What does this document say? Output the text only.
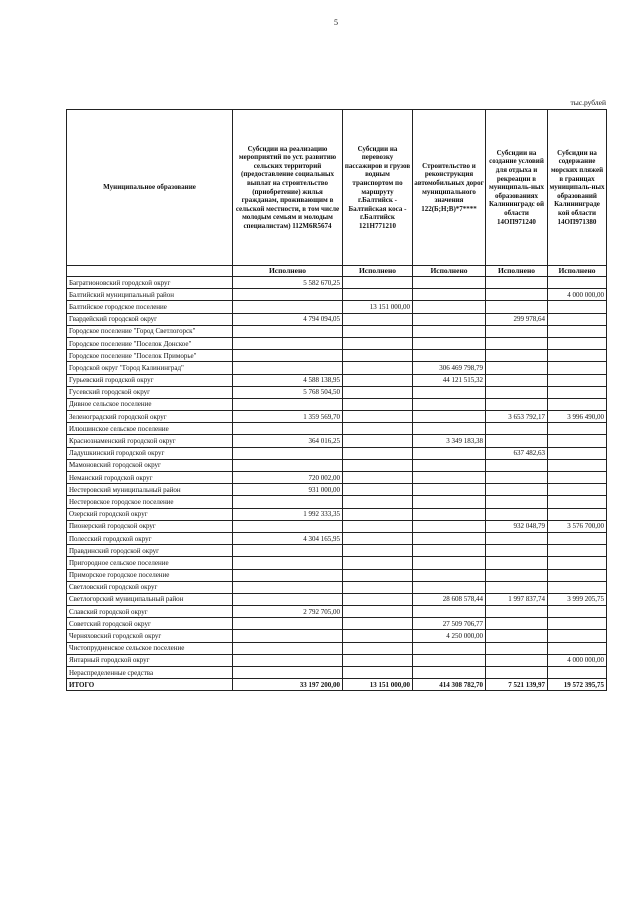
5
тыс.рублей
Муниципальное образование	Субсидии на реализацию мероприятий по уст. развитию сельских территорий (предоставление социальных выплат на строительство (приобретение) жилья гражданам, проживающим в сельской местности, в том числе молодым семьям и молодым специалистам) 112М6R5674	Субсидии на перевозку пассажиров и грузов водным транспортом по маршруту г.Балтийск - Балтийская коса - г.Балтийск 121Н771210	Строительство и реконструкция автомобильных дорог муниципального значения 122(Б;Н;В)*7****	Субсидии на создание условий для отдыха и рекреации в муниципаль-ных образованиях Калининградс ой области 14ОП971240	Субсидии на содержание морских пляжей в границах муниципаль-ных образований Калининграде кой области 14ОП971380
	Исполнено	Исполнено	Исполнено	Исполнено	Исполнено
Багратионовский городской округ	5 582 670,25				
Балтийский муниципальный район					4 000 000,00
Балтийское городское поселение		13 151 000,00			
Гвардейский городской округ	4 794 094,05			299 978,64	
Городское поселение "Город Светлогорск"					
Городское поселение "Поселок Донское"					
Городское поселение "Поселок Приморье"					
Городской округ "Город Калининград"			306 469 798,79		
Гурьевский городской округ	4 588 138,95		44 121 515,32		
Гусевский городской округ	5 768 504,50				
Дивное сельское поселение					
Зеленоградский городской округ	1 359 569,70			3 653 792,17	3 996 490,00
Илюшинское сельское поселение					
Краснознаменский городской округ	364 016,25		3 349 183,38		
Ладушкинский городской округ				637 482,63	
Мамоновский городской округ					
Неманский городской округ	720 002,00				
Нестеровский муниципальный район	931 000,00				
Нестеровское городское поселение					
Озерский городской округ	1 992 333,35				
Пионерский городской округ				932 048,79	3 576 700,00
Полесский городской округ	4 304 165,95				
Правдинский городской округ					
Пригородное сельское поселение					
Приморское городское поселение					
Светловский городской округ					
Светлогорский муниципальный район			28 608 578,44	1 997 837,74	3 999 205,75
Славский городской округ	2 792 705,00				
Советский городской округ			27 509 706,77		
Черняховский городской округ			4 250 000,00		
Чистопрудненское сельское поселение					
Янтарный городской округ					4 000 000,00
Нераспределенные средства					
ИТОГО	33 197 200,00	13 151 000,00	414 308 782,70	7 521 139,97	19 572 395,75
